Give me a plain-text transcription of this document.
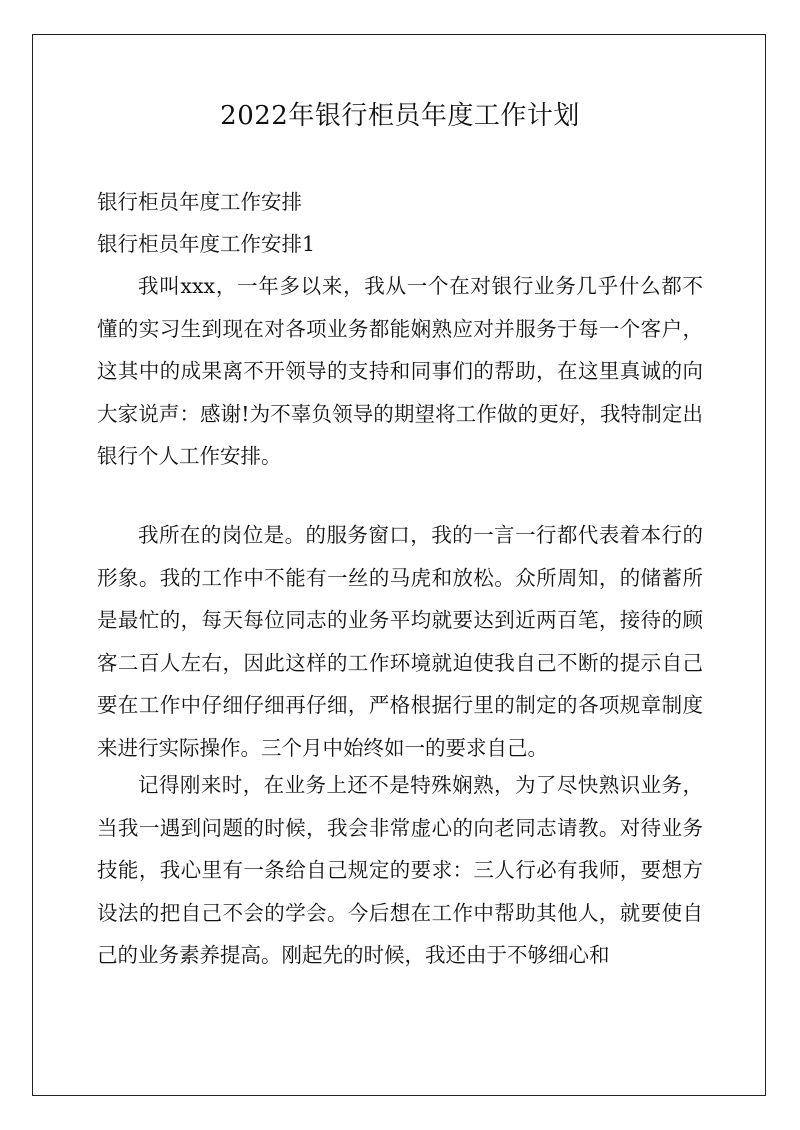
2022年银行柜员年度工作计划

银行柜员年度工作安排

银行柜员年度工作安排1

我叫xxx，一年多以来，我从一个在对银行业务几乎什么都不懂的实习生到现在对各项业务都能娴熟应对并服务于每一个客户，这其中的成果离不开领导的支持和同事们的帮助，在这里真诚的向大家说声：感谢!为不辜负领导的期望将工作做的更好，我特制定出银行个人工作安排。

我所在的岗位是。的服务窗口，我的一言一行都代表着本行的形象。我的工作中不能有一丝的马虎和放松。众所周知，的储蓄所是最忙的，每天每位同志的业务平均就要达到近两百笔，接待的顾客二百人左右，因此这样的工作环境就迫使我自己不断的提示自己要在工作中仔细仔细再仔细，严格根据行里的制定的各项规章制度来进行实际操作。三个月中始终如一的要求自己。

记得刚来时，在业务上还不是特殊娴熟，为了尽快熟识业务，当我一遇到问题的时候，我会非常虚心的向老同志请教。对待业务技能，我心里有一条给自己规定的要求：三人行必有我师，要想方设法的把自己不会的学会。今后想在工作中帮助其他人，就要使自己的业务素养提高。刚起先的时候，我还由于不够细心和
